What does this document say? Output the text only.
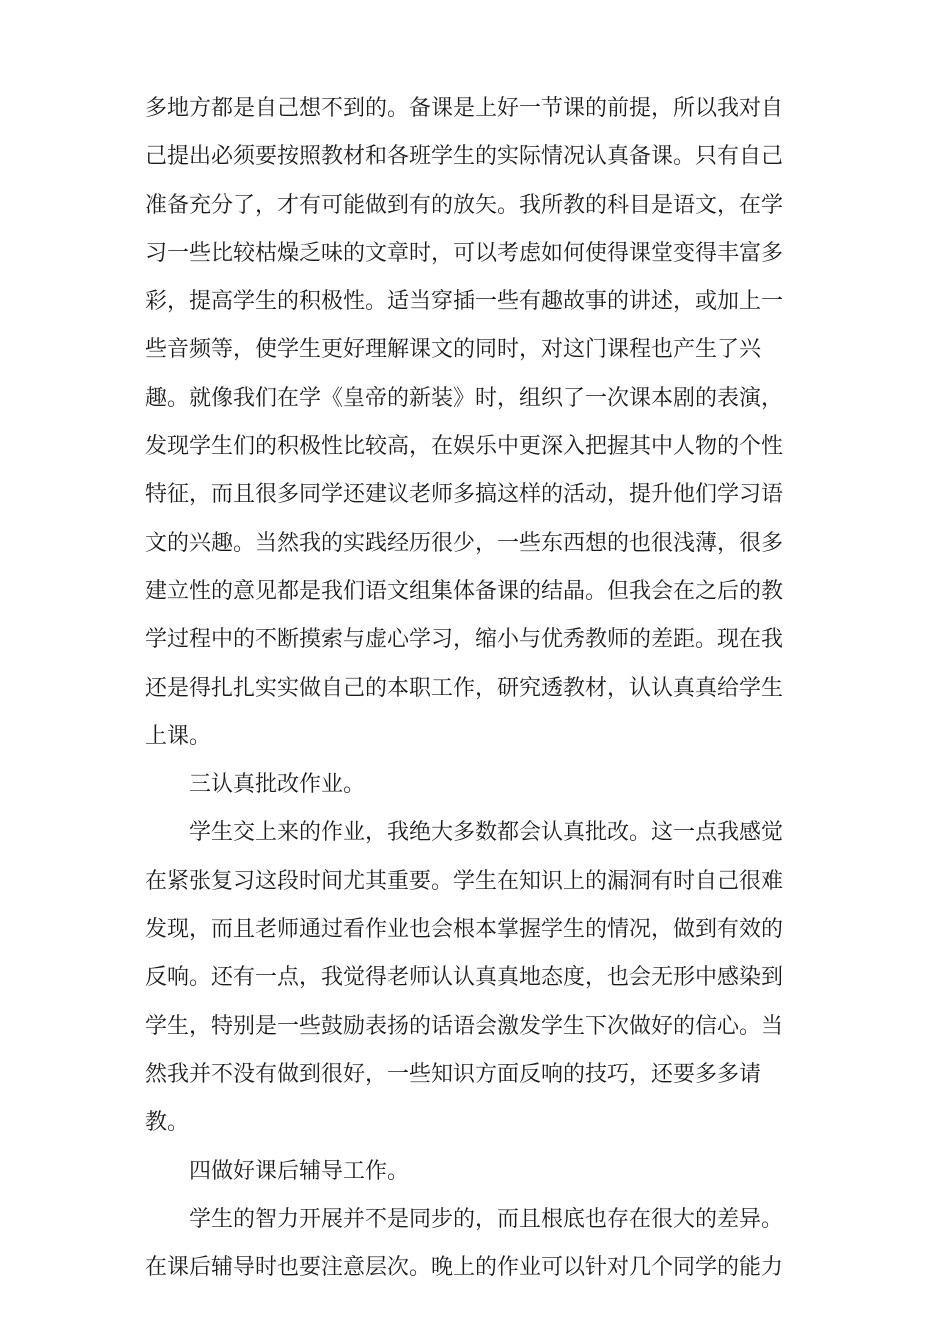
多地方都是自己想不到的。备课是上好一节课的前提，所以我对自
己提出必须要按照教材和各班学生的实际情况认真备课。只有自己
准备充分了，才有可能做到有的放矢。我所教的科目是语文，在学
习一些比较枯燥乏味的文章时，可以考虑如何使得课堂变得丰富多
彩，提高学生的积极性。适当穿插一些有趣故事的讲述，或加上一
些音频等，使学生更好理解课文的同时，对这门课程也产生了兴
趣。就像我们在学《皇帝的新装》时，组织了一次课本剧的表演，
发现学生们的积极性比较高，在娱乐中更深入把握其中人物的个性
特征，而且很多同学还建议老师多搞这样的活动，提升他们学习语
文的兴趣。当然我的实践经历很少，一些东西想的也很浅薄，很多
建立性的意见都是我们语文组集体备课的结晶。但我会在之后的教
学过程中的不断摸索与虚心学习，缩小与优秀教师的差距。现在我
还是得扎扎实实做自己的本职工作，研究透教材，认认真真给学生
上课。
三认真批改作业。
学生交上来的作业，我绝大多数都会认真批改。这一点我感觉
在紧张复习这段时间尤其重要。学生在知识上的漏洞有时自己很难
发现，而且老师通过看作业也会根本掌握学生的情况，做到有效的
反响。还有一点，我觉得老师认认真真地态度，也会无形中感染到
学生，特别是一些鼓励表扬的话语会激发学生下次做好的信心。当
然我并不没有做到很好，一些知识方面反响的技巧，还要多多请
教。
四做好课后辅导工作。
学生的智力开展并不是同步的，而且根底也存在很大的差异。
在课后辅导时也要注意层次。晚上的作业可以针对几个同学的能力
